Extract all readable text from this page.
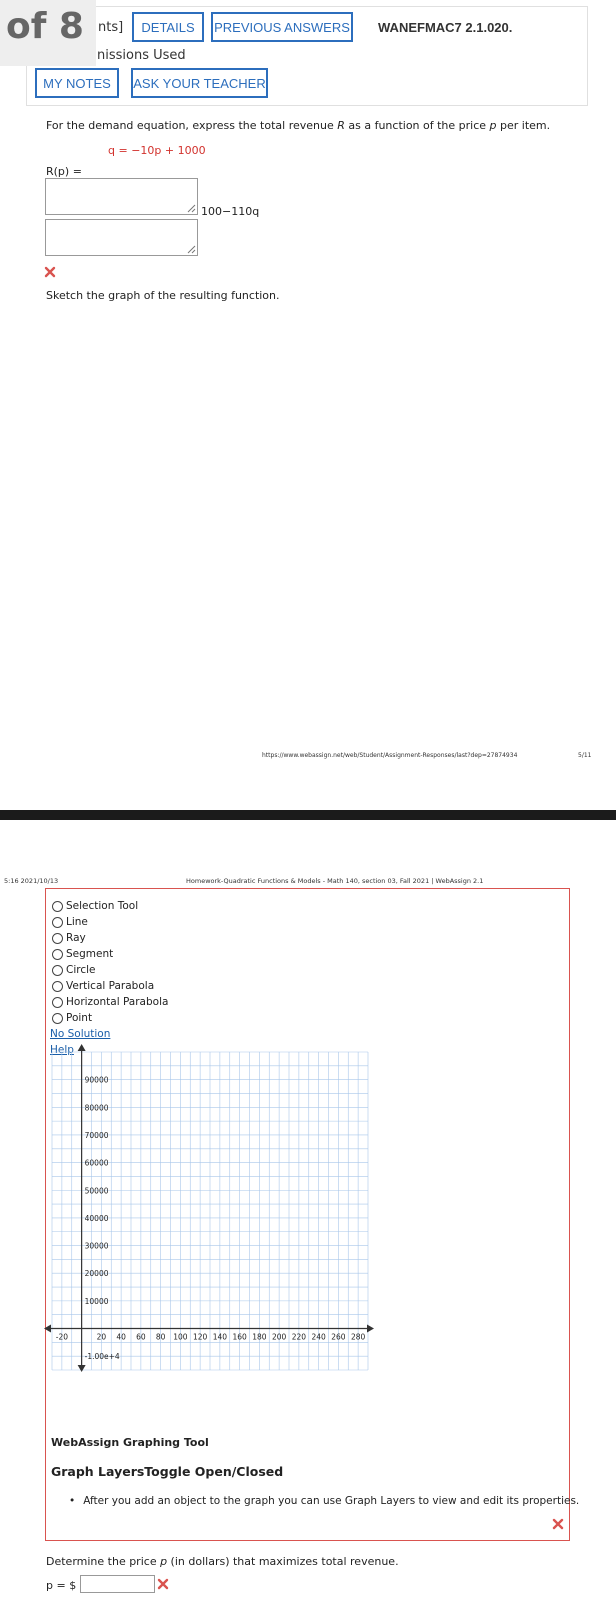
of 8 nts]	DETAILS	PREVIOUS ANSWERS WANEFMAC7 2.1.020.
nissions Used
MY NOTES	ASK YOUR TEACHER
For the demand equation, express the total revenue R as a function of the price p per item.
q = −10p + 1000
R(p) =
100−110q
Sketch the graph of the resulting function.
https://www.webassign.net/web/Student/Assignment-Responses/last?dep=27874934	5/11
5:16 2021/10/13	Homework-Quadratic Functions & Models - Math 140, section 03, Fall 2021 | WebAssign 2.1
Selection Tool
Line
Ray
Segment
Circle
Vertical Parabola
Horizontal Parabola
Point
No Solution
Help
-20	20 40 60 80 100 120 140 160 180 200 220 240 260 280
90000
80000
70000
60000
50000
40000
30000
20000
10000
-1.00e+4
WebAssign Graphing Tool
Graph LayersToggle Open/Closed
• After you add an object to the graph you can use Graph Layers to view and edit its properties.
Determine the price p (in dollars) that maximizes total revenue.
p = $
